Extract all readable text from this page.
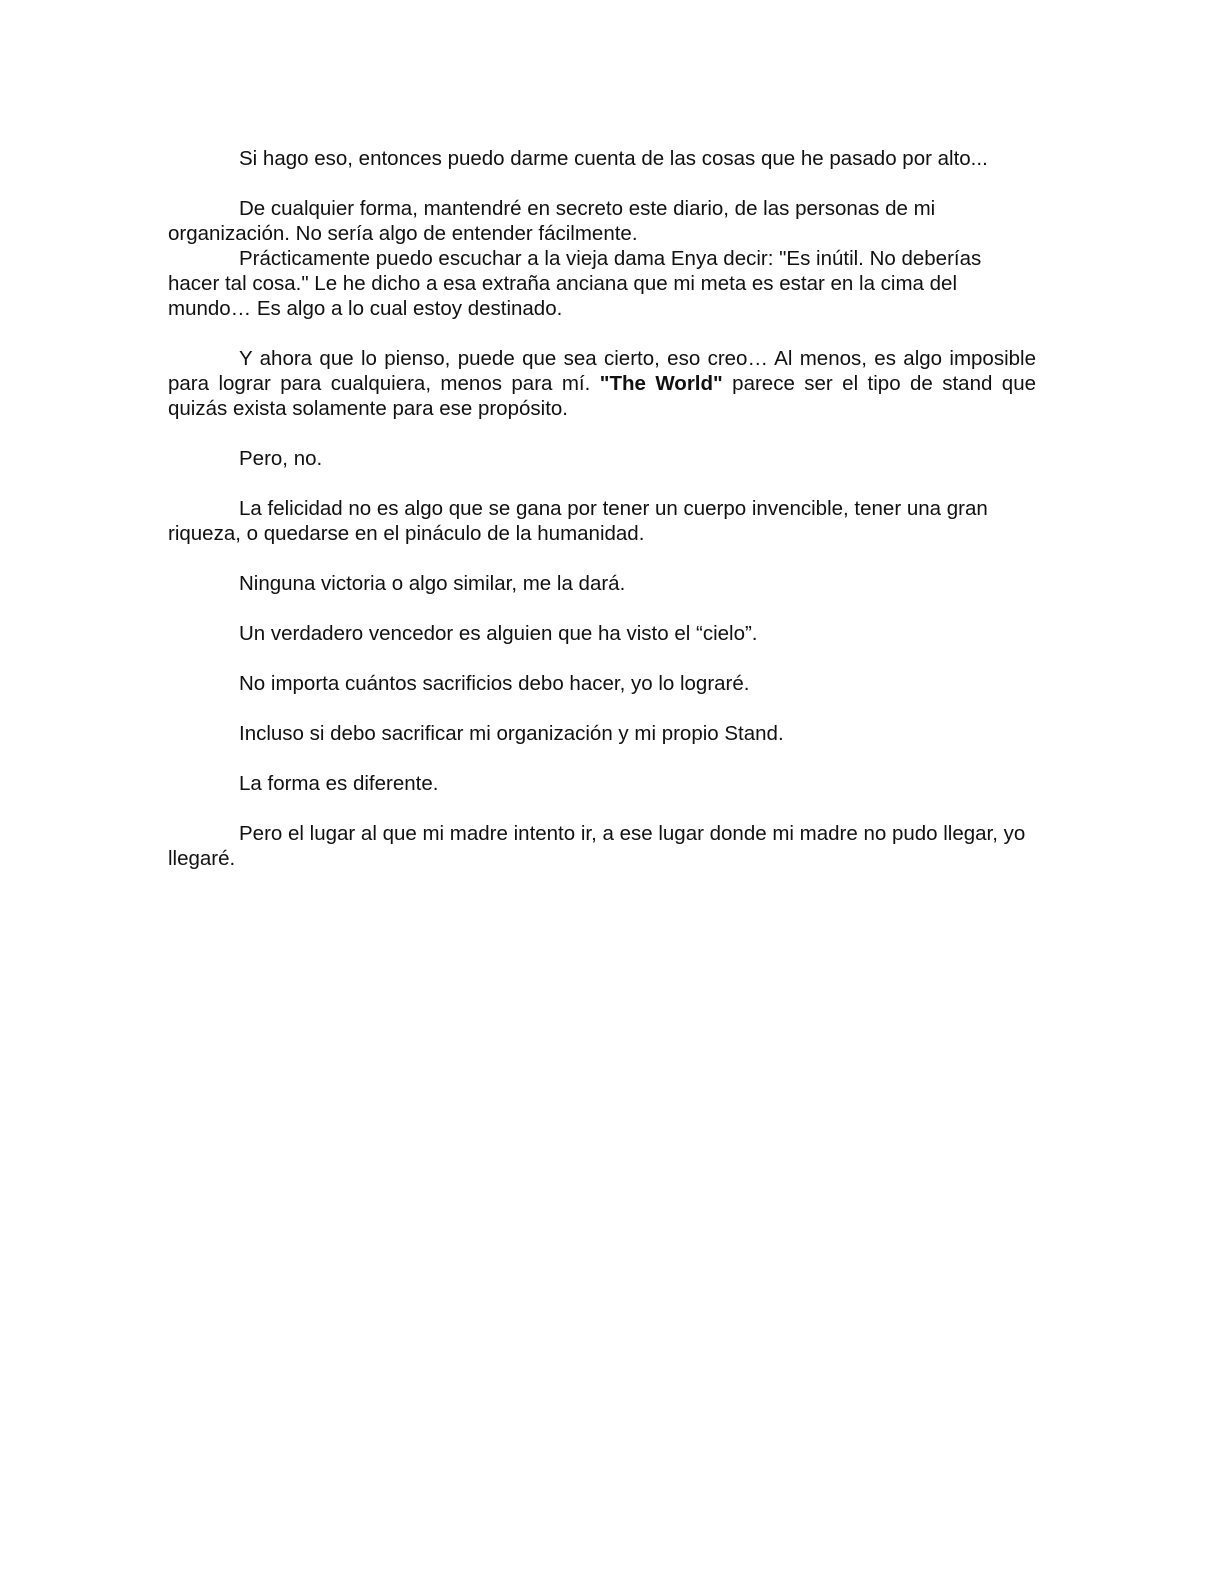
Si hago eso, entonces puedo darme cuenta de las cosas que he pasado por alto...

De cualquier forma, mantendré en secreto este diario, de las personas de mi organización. No sería algo de entender fácilmente.

Prácticamente puedo escuchar a la vieja dama Enya decir: "Es inútil. No deberías hacer tal cosa." Le he dicho a esa extraña anciana que mi meta es estar en la cima del mundo… Es algo a lo cual estoy destinado.

Y ahora que lo pienso, puede que sea cierto, eso creo… Al menos, es algo imposible para lograr para cualquiera, menos para mí. "The World" parece ser el tipo de stand que quizás exista solamente para ese propósito.

Pero, no.

La felicidad no es algo que se gana por tener un cuerpo invencible, tener una gran riqueza, o quedarse en el pináculo de la humanidad.

Ninguna victoria o algo similar, me la dará.

Un verdadero vencedor es alguien que ha visto el “cielo”.

No importa cuántos sacrificios debo hacer, yo lo lograré.

Incluso si debo sacrificar mi organización y mi propio Stand.

La forma es diferente.

Pero el lugar al que mi madre intento ir, a ese lugar donde mi madre no pudo llegar, yo llegaré.
